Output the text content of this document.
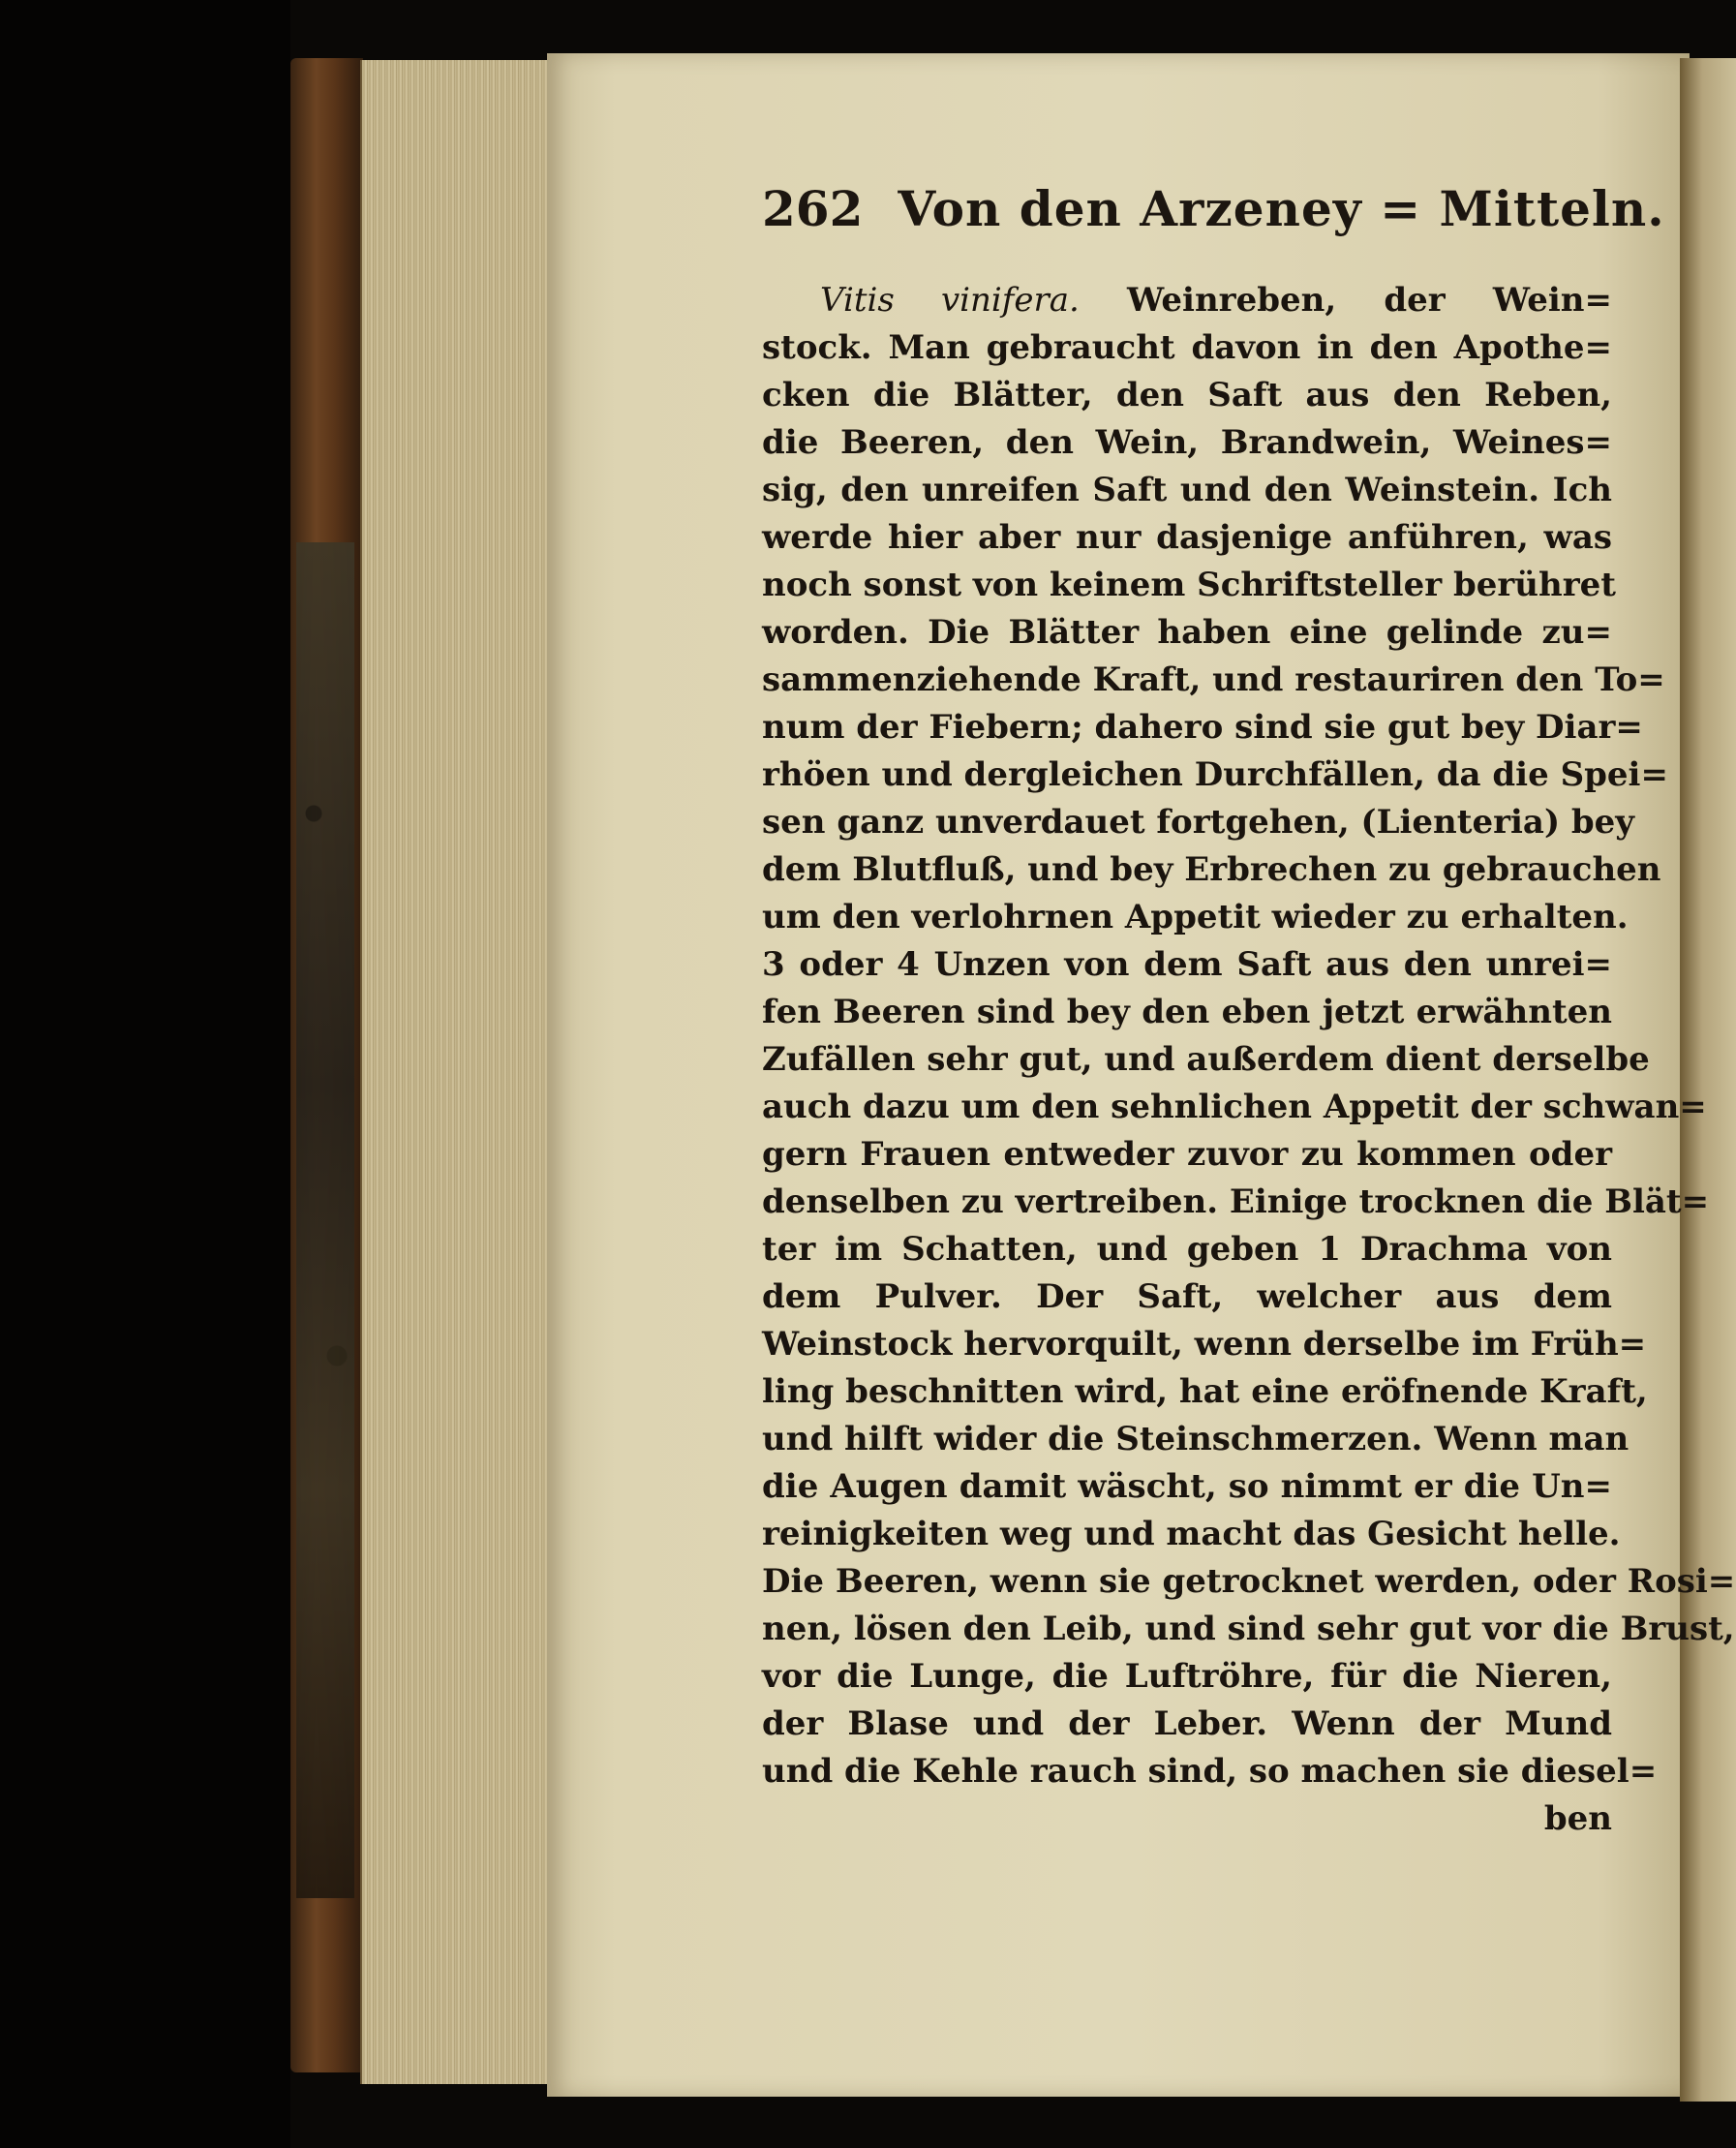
262 Von den Arzeney = Mitteln.
Vitis vinifera. Weinreben, der Wein=
stock. Man gebraucht davon in den Apothe=
cken die Blätter, den Saft aus den Reben,
die Beeren, den Wein, Brandwein, Weines=
sig, den unreifen Saft und den Weinstein. Ich
werde hier aber nur dasjenige anführen, was
noch sonst von keinem Schriftsteller berühret
worden. Die Blätter haben eine gelinde zu=
sammenziehende Kraft, und restauriren den To=
num der Fiebern; dahero sind sie gut bey Diar=
rhöen und dergleichen Durchfällen, da die Spei=
sen ganz unverdauet fortgehen, (Lienteria) bey
dem Blutfluß, und bey Erbrechen zu gebrauchen
um den verlohrnen Appetit wieder zu erhalten.
3 oder 4 Unzen von dem Saft aus den unrei=
fen Beeren sind bey den eben jetzt erwähnten
Zufällen sehr gut, und außerdem dient derselbe
auch dazu um den sehnlichen Appetit der schwan=
gern Frauen entweder zuvor zu kommen oder
denselben zu vertreiben. Einige trocknen die Blät=
ter im Schatten, und geben 1 Drachma von
dem Pulver. Der Saft, welcher aus dem
Weinstock hervorquilt, wenn derselbe im Früh=
ling beschnitten wird, hat eine eröfnende Kraft,
und hilft wider die Steinschmerzen. Wenn man
die Augen damit wäscht, so nimmt er die Un=
reinigkeiten weg und macht das Gesicht helle.
Die Beeren, wenn sie getrocknet werden, oder Rosi=
nen, lösen den Leib, und sind sehr gut vor die Brust,
vor die Lunge, die Luftröhre, für die Nieren,
der Blase und der Leber. Wenn der Mund
und die Kehle rauch sind, so machen sie diesel=
ben
